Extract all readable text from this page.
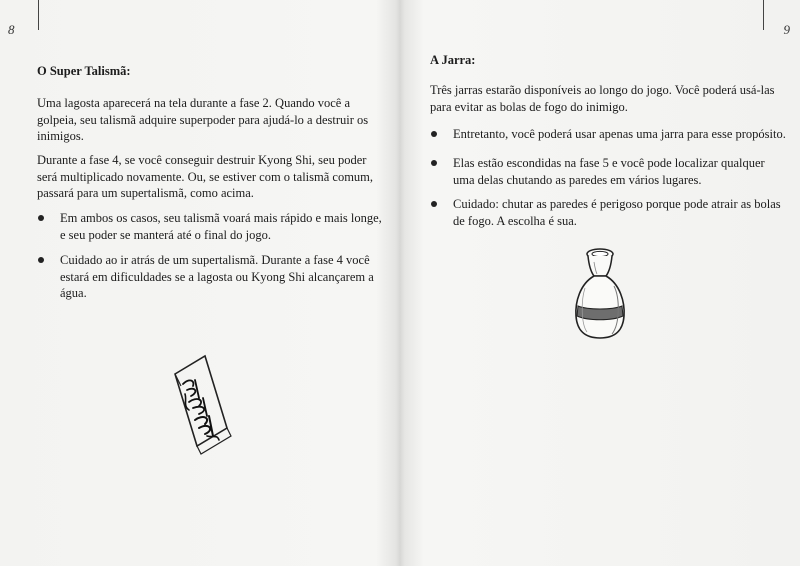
8

O Super Talismã:

Uma lagosta aparecerá na tela durante a fase 2. Quando você a golpeia, seu talismã adquire superpoder para ajudá-lo a destruir os inimigos.

Durante a fase 4, se você conseguir destruir Kyong Shi, seu poder será multiplicado novamente. Ou, se estiver com o talismã comum, passará para um supertalismã, como acima.

Em ambos os casos, seu talismã voará mais rápido e mais longe, e seu poder se manterá até o final do jogo.

Cuidado ao ir atrás de um supertalismã. Durante a fase 4 você estará em dificuldades se a lagosta ou Kyong Shi alcançarem a água.

9

A Jarra:

Três jarras estarão disponíveis ao longo do jogo. Você poderá usá-las para evitar as bolas de fogo do inimigo.

Entretanto, você poderá usar apenas uma jarra para esse propósito.

Elas estão escondidas na fase 5 e você pode localizar qualquer uma delas chutando as paredes em vários lugares.

Cuidado: chutar as paredes é perigoso porque pode atrair as bolas de fogo. A escolha é sua.
